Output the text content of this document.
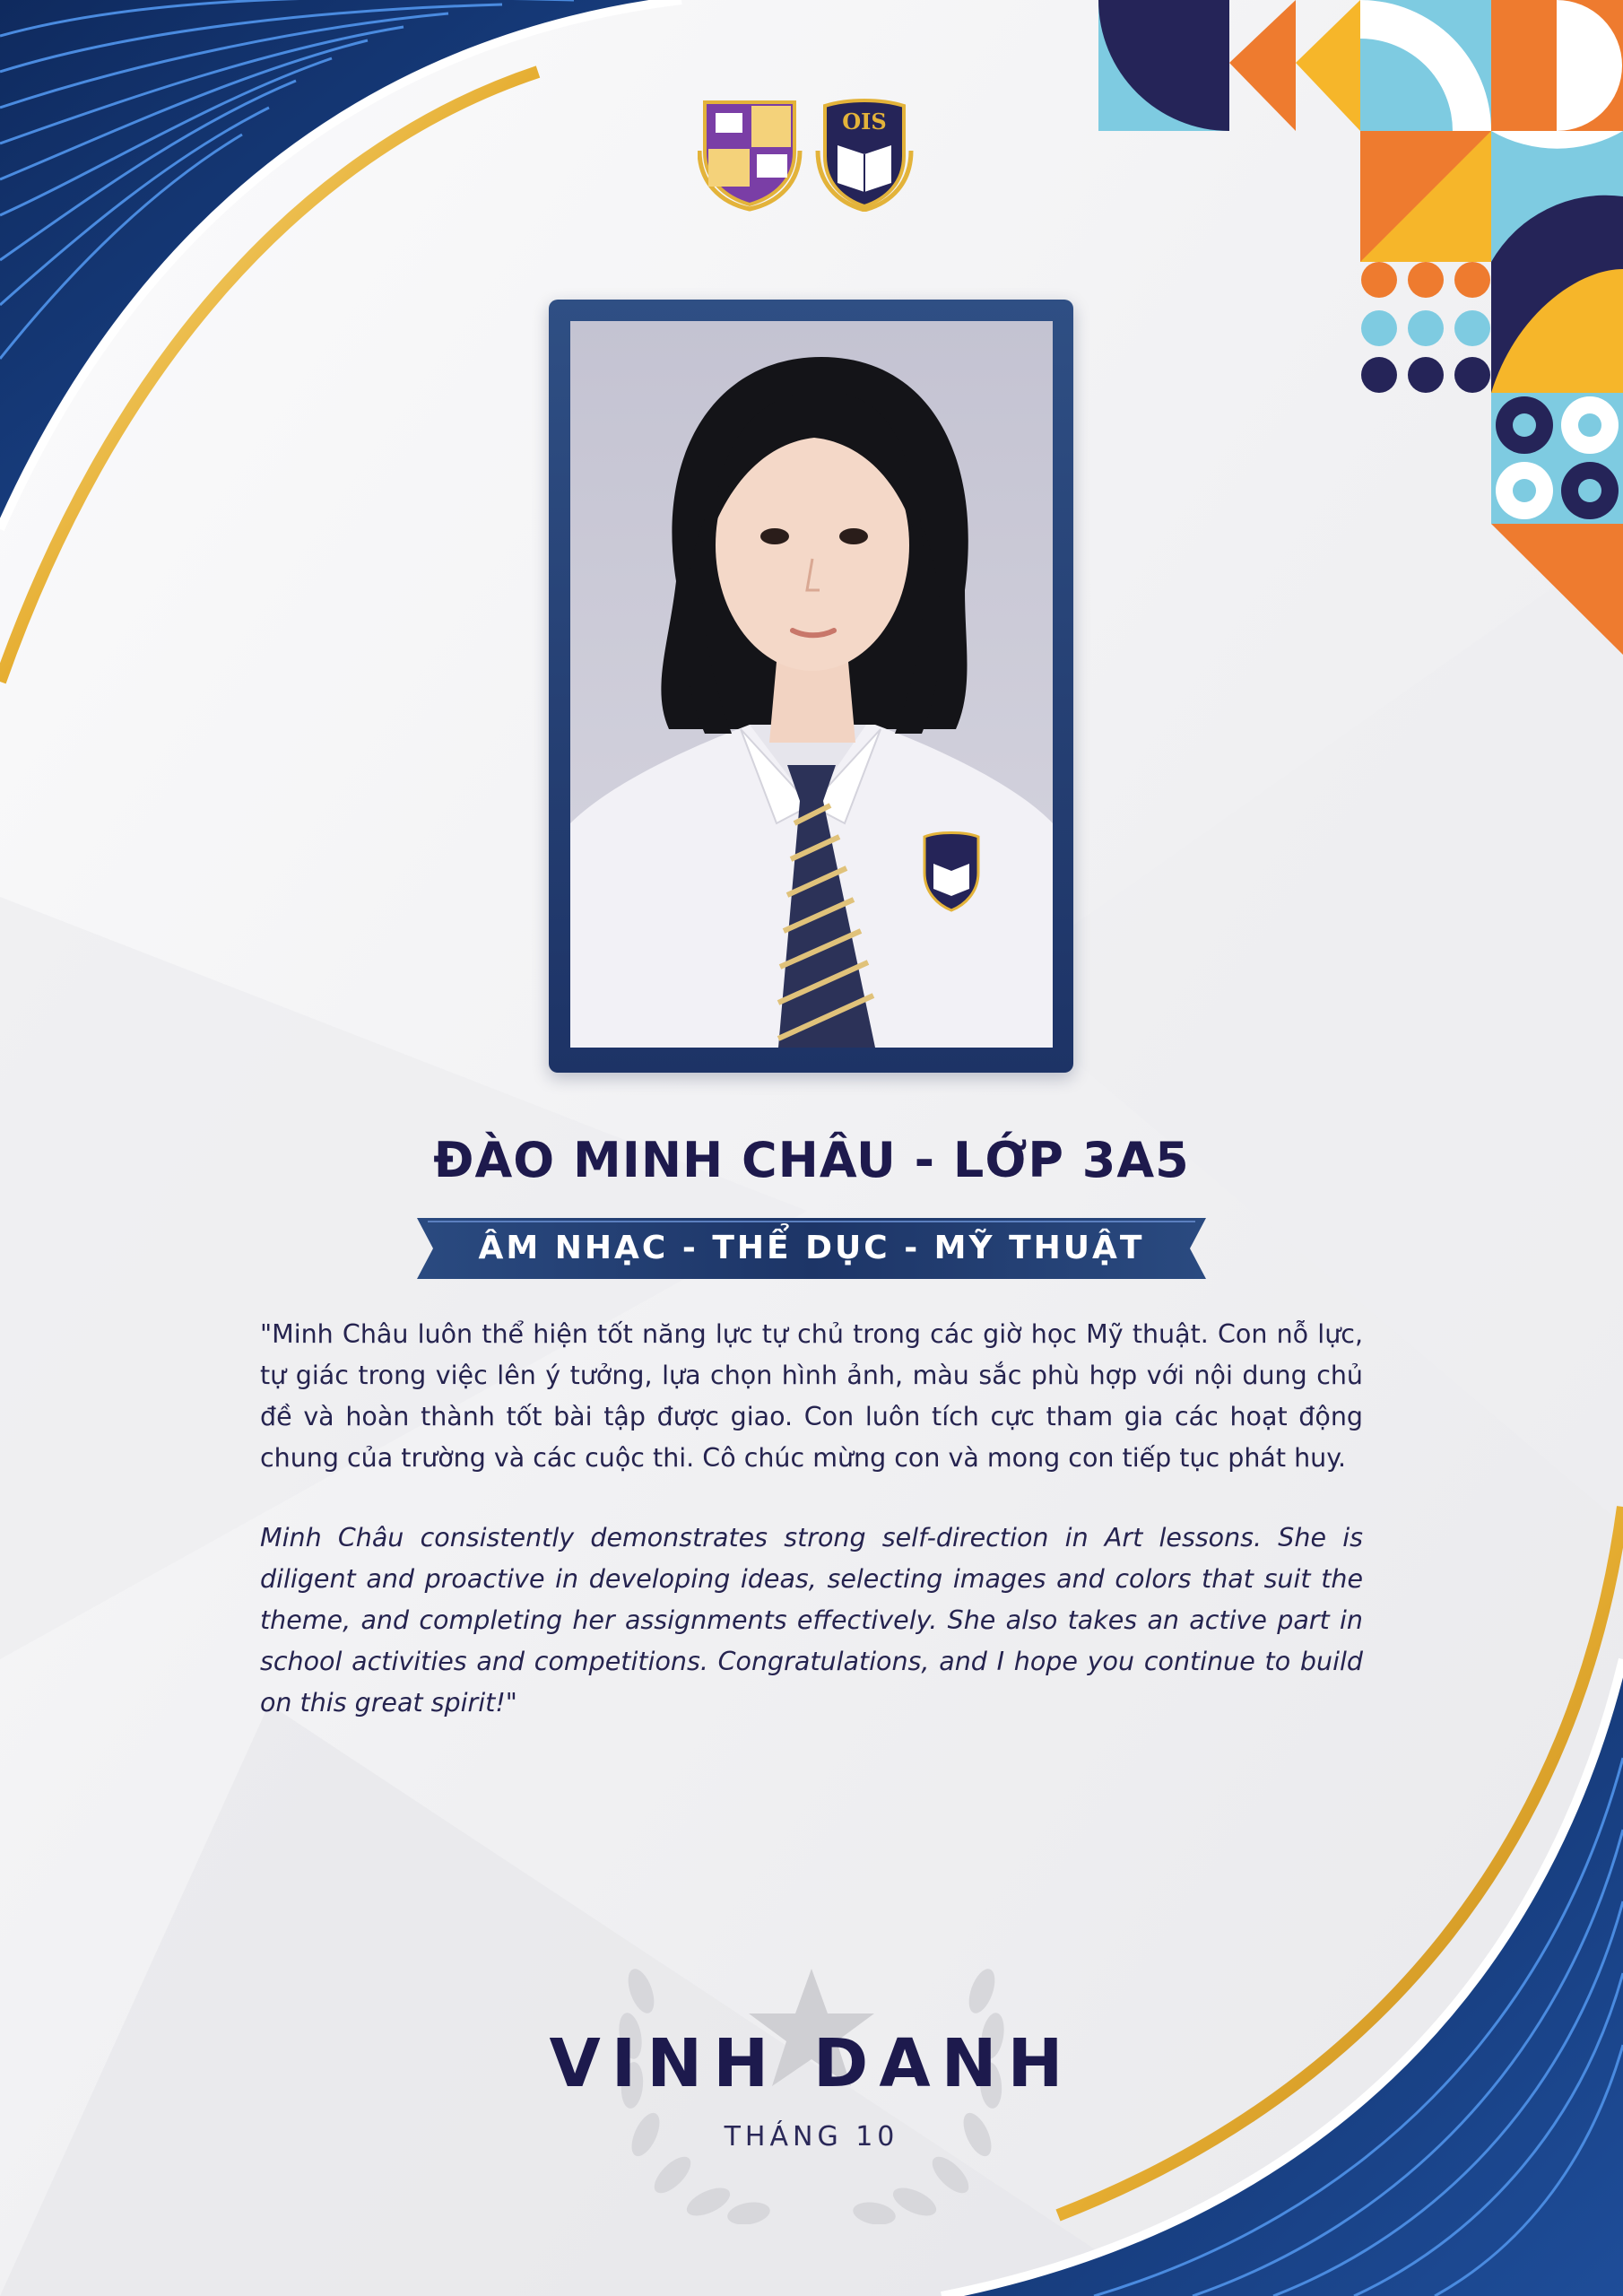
OIS
ĐÀO MINH CHÂU - LỚP 3A5
ÂM NHẠC - THỂ DỤC - MỸ THUẬT

"Minh Châu luôn thể hiện tốt năng lực tự chủ trong các giờ học Mỹ thuật. Con nỗ lực, tự giác trong việc lên ý tưởng, lựa chọn hình ảnh, màu sắc phù hợp với nội dung chủ đề và hoàn thành tốt bài tập được giao. Con luôn tích cực tham gia các hoạt động chung của trường và các cuộc thi. Cô chúc mừng con và mong con tiếp tục phát huy.

Minh Châu consistently demonstrates strong self-direction in Art lessons. She is diligent and proactive in developing ideas, selecting images and colors that suit the theme, and completing her assignments effectively. She also takes an active part in school activities and competitions. Congratulations, and I hope you continue to build on this great spirit!"

VINH DANH
THÁNG 10
